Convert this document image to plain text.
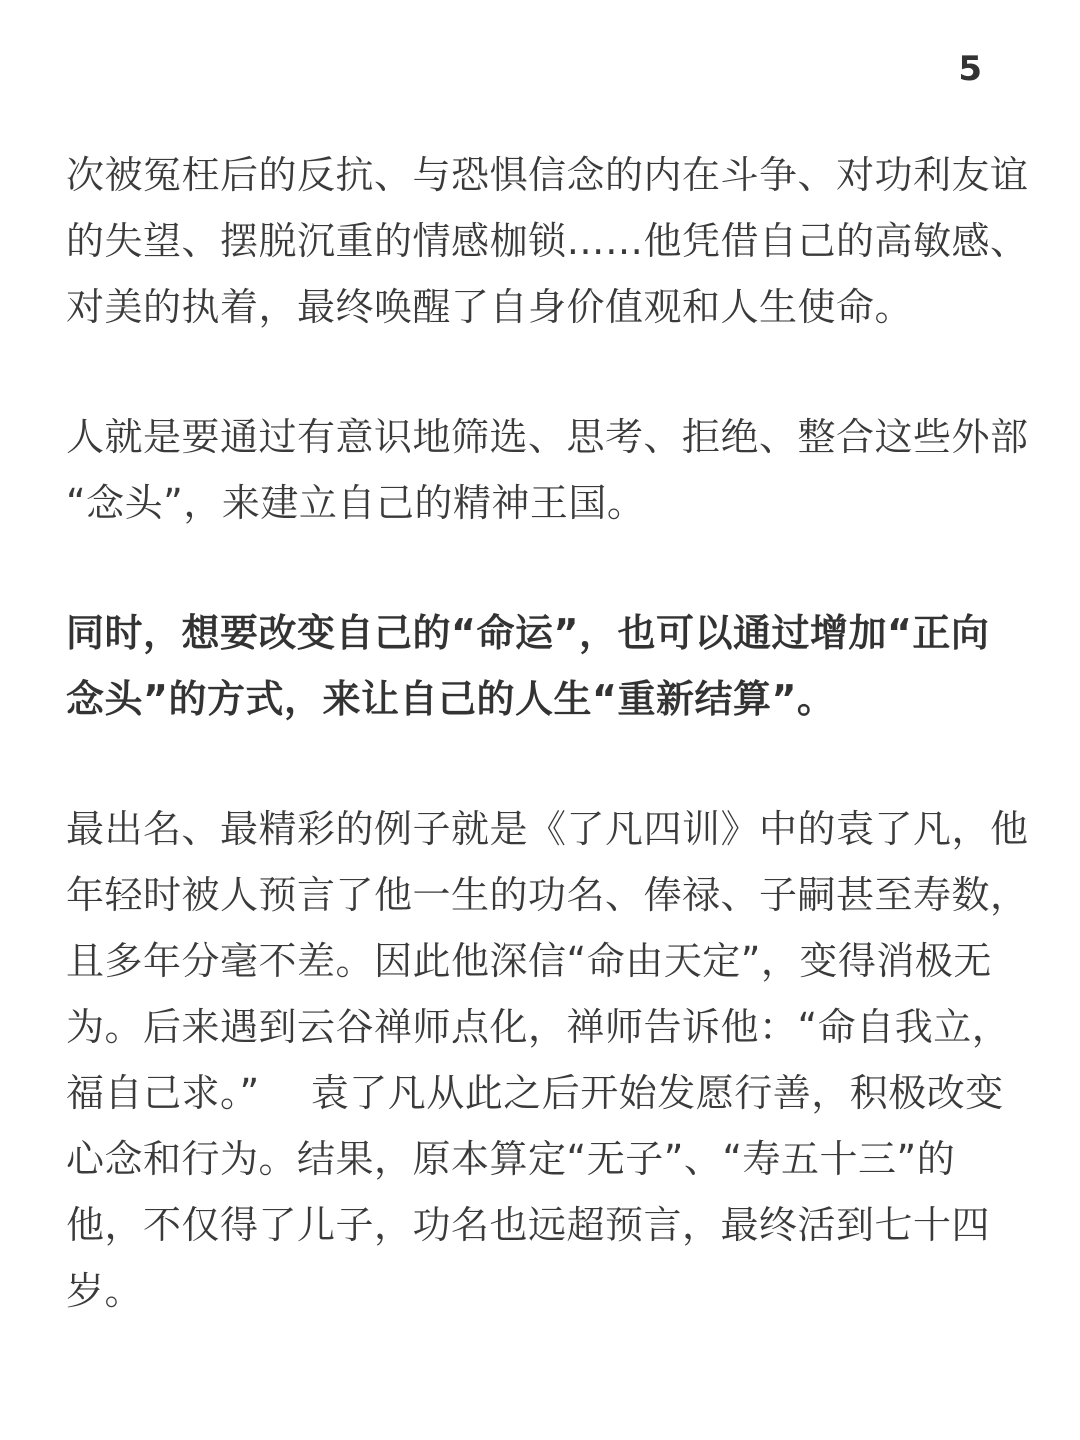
5

次被冤枉后的反抗、与恐惧信念的内在斗争、对功利友谊
的失望、摆脱沉重的情感枷锁……他凭借自己的高敏感、
对美的执着，最终唤醒了自身价值观和人生使命。

人就是要通过有意识地筛选、思考、拒绝、整合这些外部
“念头”，来建立自己的精神王国。

同时，想要改变自己的“命运”，也可以通过增加“正向
念头”的方式，来让自己的人生“重新结算”。

最出名、最精彩的例子就是《了凡四训》中的袁了凡，他
年轻时被人预言了他一生的功名、俸禄、子嗣甚至寿数，
且多年分毫不差。因此他深信“命由天定”，变得消极无
为。后来遇到云谷禅师点化，禅师告诉他：“命自我立，
福自己求。”　 袁了凡从此之后开始发愿行善，积极改变
心念和行为。结果，原本算定“无子”、“寿五十三”的
他，不仅得了儿子，功名也远超预言，最终活到七十四
岁。
